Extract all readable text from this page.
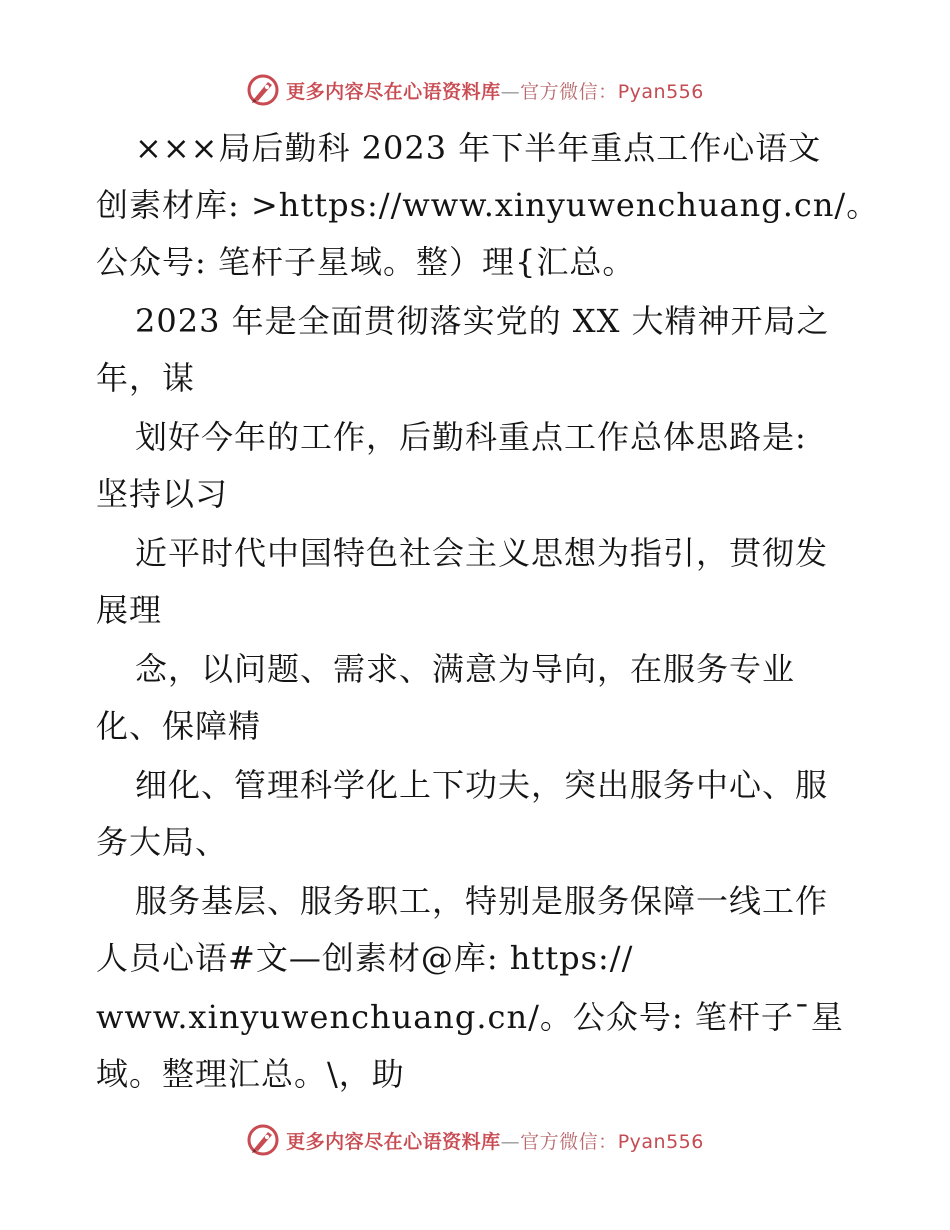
更多内容尽在心语资料库—官方微信：Pyan556
×××局后勤科 2023 年下半年重点工作心语文
创素材库: >https://www.xinyuwenchuang.cn/。
公众号: 笔杆子星域。整）理{汇总。
2023 年是全面贯彻落实党的 XX 大精神开局之
年，谋
划好今年的工作，后勤科重点工作总体思路是:
坚持以习
近平时代中国特色社会主义思想为指引，贯彻发
展理
念，以问题、需求、满意为导向，在服务专业
化、保障精
细化、管理科学化上下功夫，突出服务中心、服
务大局、
服务基层、服务职工，特别是服务保障一线工作
人员心语#文—创素材@库: https://
www.xinyuwenchuang.cn/。公众号: 笔杆子¯星
域。整理汇总。\，助
更多内容尽在心语资料库—官方微信：Pyan556
